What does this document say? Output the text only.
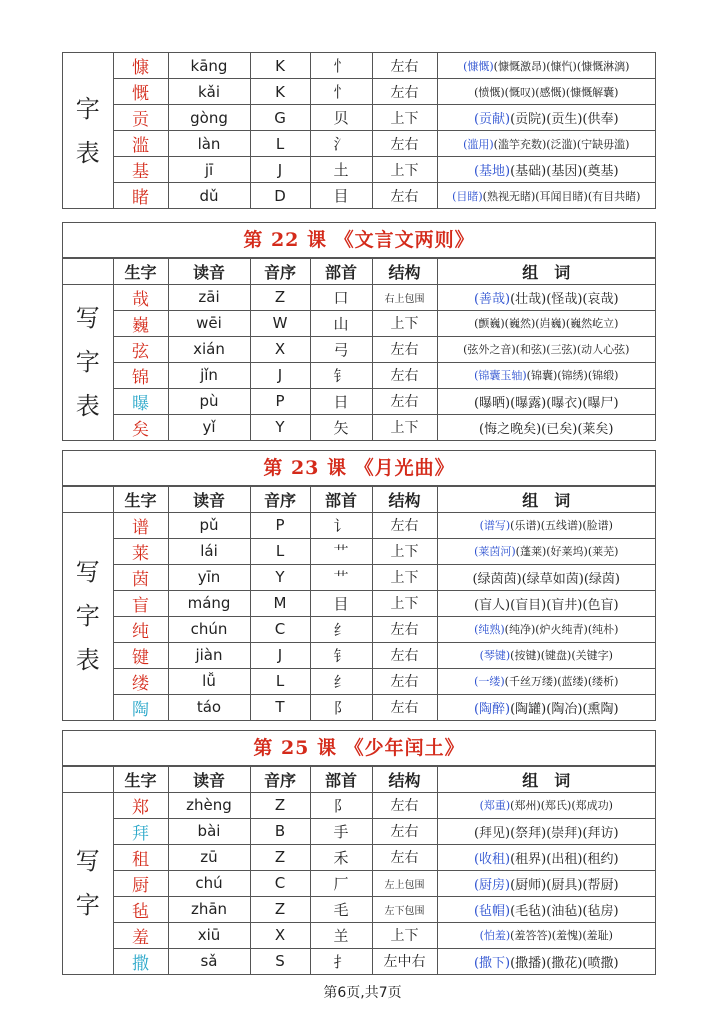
字
表	慷	kāng	K	忄	左右	(慷慨)(慷慨激昂)(慷忾)(慷慨淋漓)
	慨	kǎi	K	忄	左右	(愤慨)(慨叹)(感慨)(慷慨解囊)
	贡	gòng	G	贝	上下	(贡献)(贡院)(贡生)(供奉)
	滥	làn	L	氵	左右	(滥用)(滥竽充数)(泛滥)(宁缺毋滥)
	基	jī	J	土	上下	(基地)(基础)(基因)(奠基)
	睹	dǔ	D	目	左右	(目睹)(熟视无睹)(耳闻目睹)(有目共睹)
第 22 课 《文言文两则》
	生字	读音	音序	部首	结构	组　词
写
字
表	哉	zāi	Z	口	右上包围	(善哉)(壮哉)(怪哉)(哀哉)
	巍	wēi	W	山	上下	(颤巍)(巍然)(岿巍)(巍然屹立)
	弦	xián	X	弓	左右	(弦外之音)(和弦)(三弦)(动人心弦)
	锦	jǐn	J	钅	左右	(锦囊玉轴)(锦囊)(锦绣)(锦缎)
	曝	pù	P	日	左右	(曝晒)(曝露)(曝衣)(曝尸)
	矣	yǐ	Y	矢	上下	(悔之晚矣)(已矣)(莱矣)
第 23 课 《月光曲》
	生字	读音	音序	部首	结构	组　词
写
字
表	谱	pǔ	P	讠	左右	(谱写)(乐谱)(五线谱)(脸谱)
	莱	lái	L	艹	上下	(莱茵河)(蓬莱)(好莱坞)(莱芜)
	茵	yīn	Y	艹	上下	(绿茵茵)(绿草如茵)(绿茵)
	盲	máng	M	目	上下	(盲人)(盲目)(盲井)(色盲)
	纯	chún	C	纟	左右	(纯熟)(纯净)(炉火纯青)(纯朴)
	键	jiàn	J	钅	左右	(琴键)(按键)(键盘)(关键字)
	缕	lǚ	L	纟	左右	(一缕)(千丝万缕)(蓝缕)(缕析)
	陶	táo	T	阝	左右	(陶醉)(陶罐)(陶冶)(熏陶)
第 25 课 《少年闰土》
	生字	读音	音序	部首	结构	组　词
写
字	郑	zhèng	Z	阝	左右	(郑重)(郑州)(郑氏)(郑成功)
	拜	bài	B	手	左右	(拜见)(祭拜)(崇拜)(拜访)
	租	zū	Z	禾	左右	(收租)(租界)(出租)(租约)
	厨	chú	C	厂	左上包围	(厨房)(厨师)(厨具)(帮厨)
	毡	zhān	Z	毛	左下包围	(毡帽)(毛毡)(油毡)(毡房)
	羞	xiū	X	𦍌	上下	(怕羞)(羞答答)(羞愧)(羞耻)
	撒	sǎ	S	扌	左中右	(撒下)(撒播)(撒花)(喷撒)
第6页,共7页
